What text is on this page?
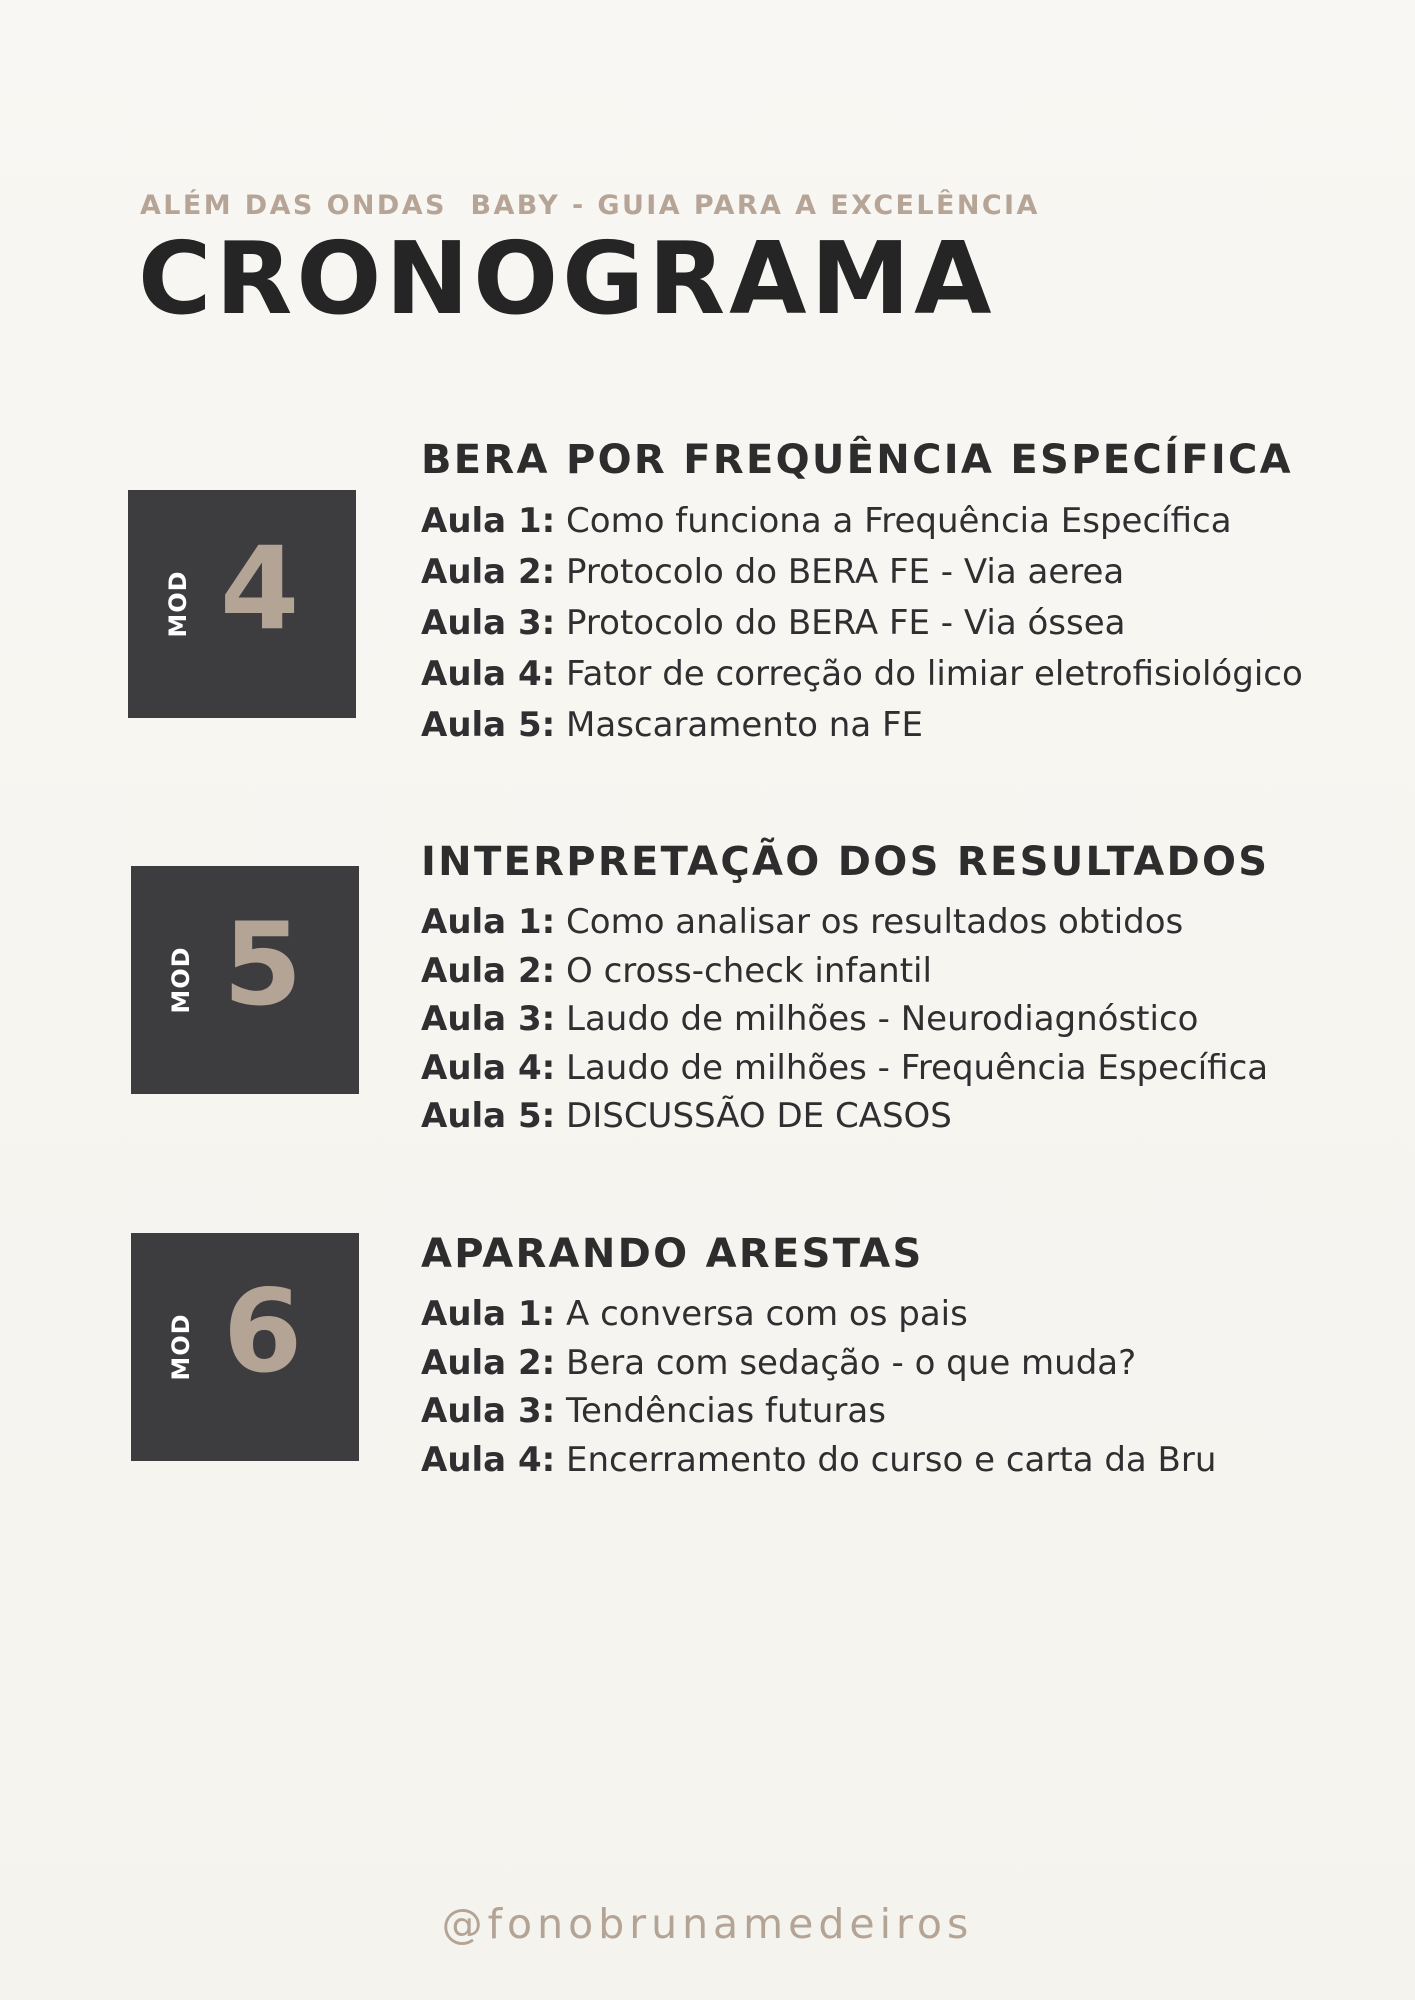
ALÉM DAS ONDAS  BABY - GUIA PARA A EXCELÊNCIA
CRONOGRAMA
MOD 4
BERA POR FREQUÊNCIA ESPECÍFICA
Aula 1: Como funciona a Frequência Específica
Aula 2: Protocolo do BERA FE - Via aerea
Aula 3: Protocolo do BERA FE - Via óssea
Aula 4: Fator de correção do limiar eletrofisiológico
Aula 5: Mascaramento na FE
MOD 5
INTERPRETAÇÃO DOS RESULTADOS
Aula 1: Como analisar os resultados obtidos
Aula 2: O cross-check infantil
Aula 3: Laudo de milhões - Neurodiagnóstico
Aula 4: Laudo de milhões - Frequência Específica
Aula 5: DISCUSSÃO DE CASOS
MOD 6
APARANDO ARESTAS
Aula 1: A conversa com os pais
Aula 2: Bera com sedação - o que muda?
Aula 3: Tendências futuras
Aula 4: Encerramento do curso e carta da Bru
@fonobrunamedeiros
